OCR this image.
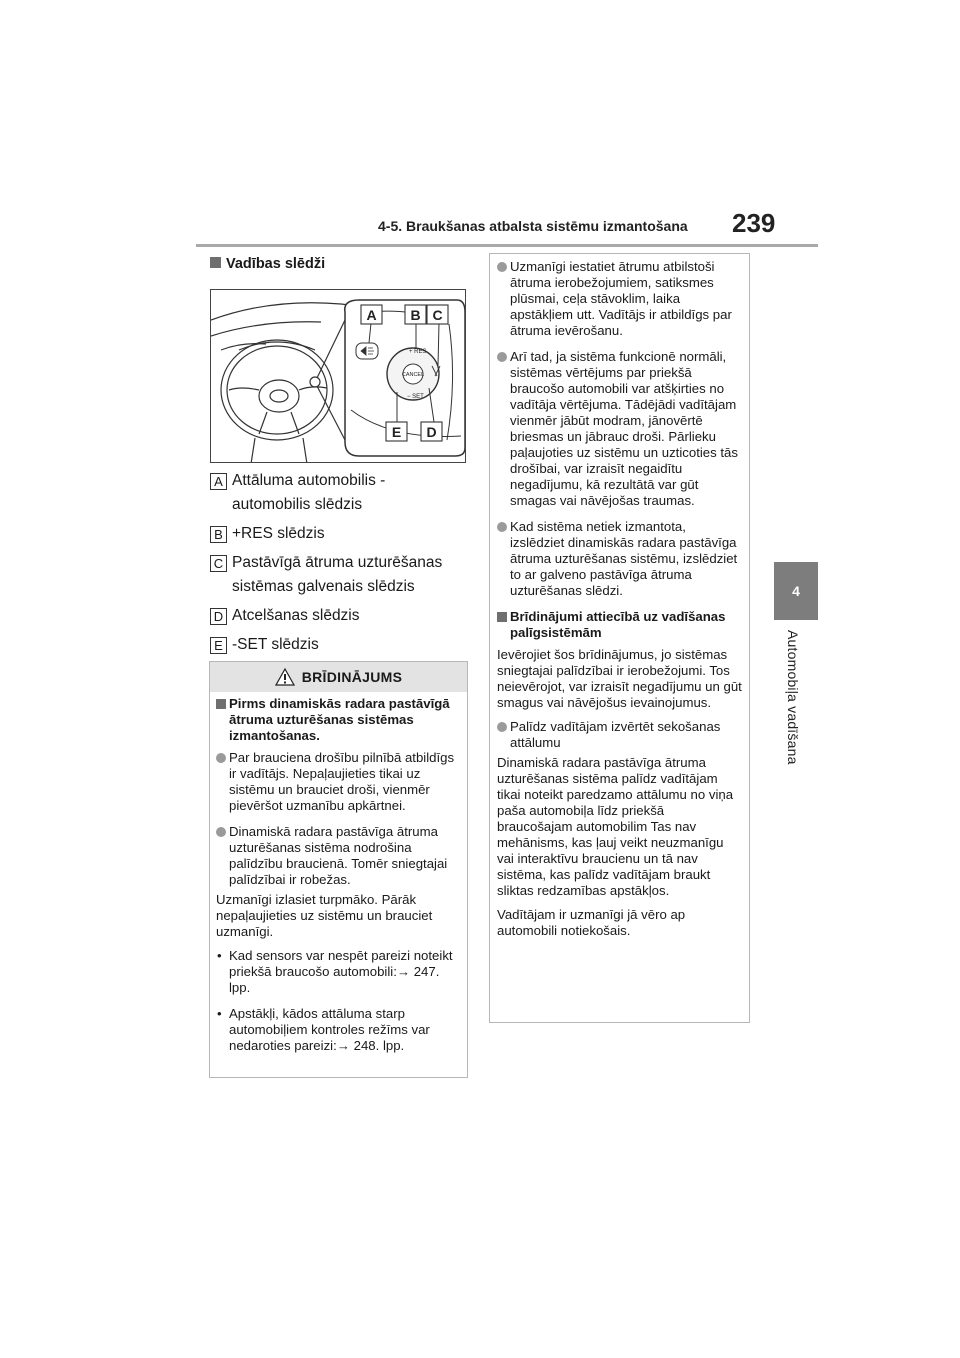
4-5. Braukšanas atbalsta sistēmu izmantošana 239
4
Automobiļa vadīšana
Vadības slēdži
CANCEL
+ RES
− SET
A B C
E D
A Attāluma automobilis - automobilis slēdzis
B +RES slēdzis
C Pastāvīgā ātruma uzturēšanas sistēmas galvenais slēdzis
D Atcelšanas slēdzis
E -SET slēdzis
BRĪDINĀJUMS
Pirms dinamiskās radara pastāvīgā ātruma uzturēšanas sistēmas izmantošanas.
Par brauciena drošību pilnībā atbildīgs ir vadītājs. Nepaļaujieties tikai uz sistēmu un brauciet droši, vienmēr pievēršot uzmanību apkārtnei.
Dinamiskā radara pastāvīga ātruma uzturēšanas sistēma nodrošina palīdzību braucienā. Tomēr sniegtajai palīdzībai ir robežas.
Uzmanīgi izlasiet turpmāko. Pārāk nepaļaujieties uz sistēmu un brauciet uzmanīgi.
• Kad sensors var nespēt pareizi noteikt priekšā braucošo automobili:→ 247. lpp.
• Apstākļi, kādos attāluma starp automobiļiem kontroles režīms var nedaroties pareizi:→ 248. lpp.
Uzmanīgi iestatiet ātrumu atbilstoši ātruma ierobežojumiem, satiksmes plūsmai, ceļa stāvoklim, laika apstākļiem utt. Vadītājs ir atbildīgs par ātruma ievērošanu.
Arī tad, ja sistēma funkcionē normāli, sistēmas vērtējums par priekšā braucošo automobili var atšķirties no vadītāja vērtējuma. Tādējādi vadītājam vienmēr jābūt modram, jānovērtē briesmas un jābrauc droši. Pārlieku paļaujoties uz sistēmu un uzticoties tās drošībai, var izraisīt negaidītu negadījumu, kā rezultātā var gūt smagas vai nāvējošas traumas.
Kad sistēma netiek izmantota, izslēdziet dinamiskās radara pastāvīga ātruma uzturēšanas sistēmu, izslēdziet to ar galveno pastāvīga ātruma uzturēšanas slēdzi.
Brīdinājumi attiecībā uz vadīšanas palīgsistēmām
Ievērojiet šos brīdinājumus, jo sistēmas sniegtajai palīdzībai ir ierobežojumi. Tos neievērojot, var izraisīt negadījumu un gūt smagus vai nāvējošus ievainojumus.
Palīdz vadītājam izvērtēt sekošanas attālumu
Dinamiskā radara pastāvīga ātruma uzturēšanas sistēma palīdz vadītājam tikai noteikt paredzamo attālumu no viņa paša automobiļa līdz priekšā braucošajam automobilim Tas nav mehānisms, kas ļauj veikt neuzmanīgu vai interaktīvu braucienu un tā nav sistēma, kas palīdz vadītājam braukt sliktas redzamības apstākļos.
Vadītājam ir uzmanīgi jā vēro ap automobili notiekošais.
